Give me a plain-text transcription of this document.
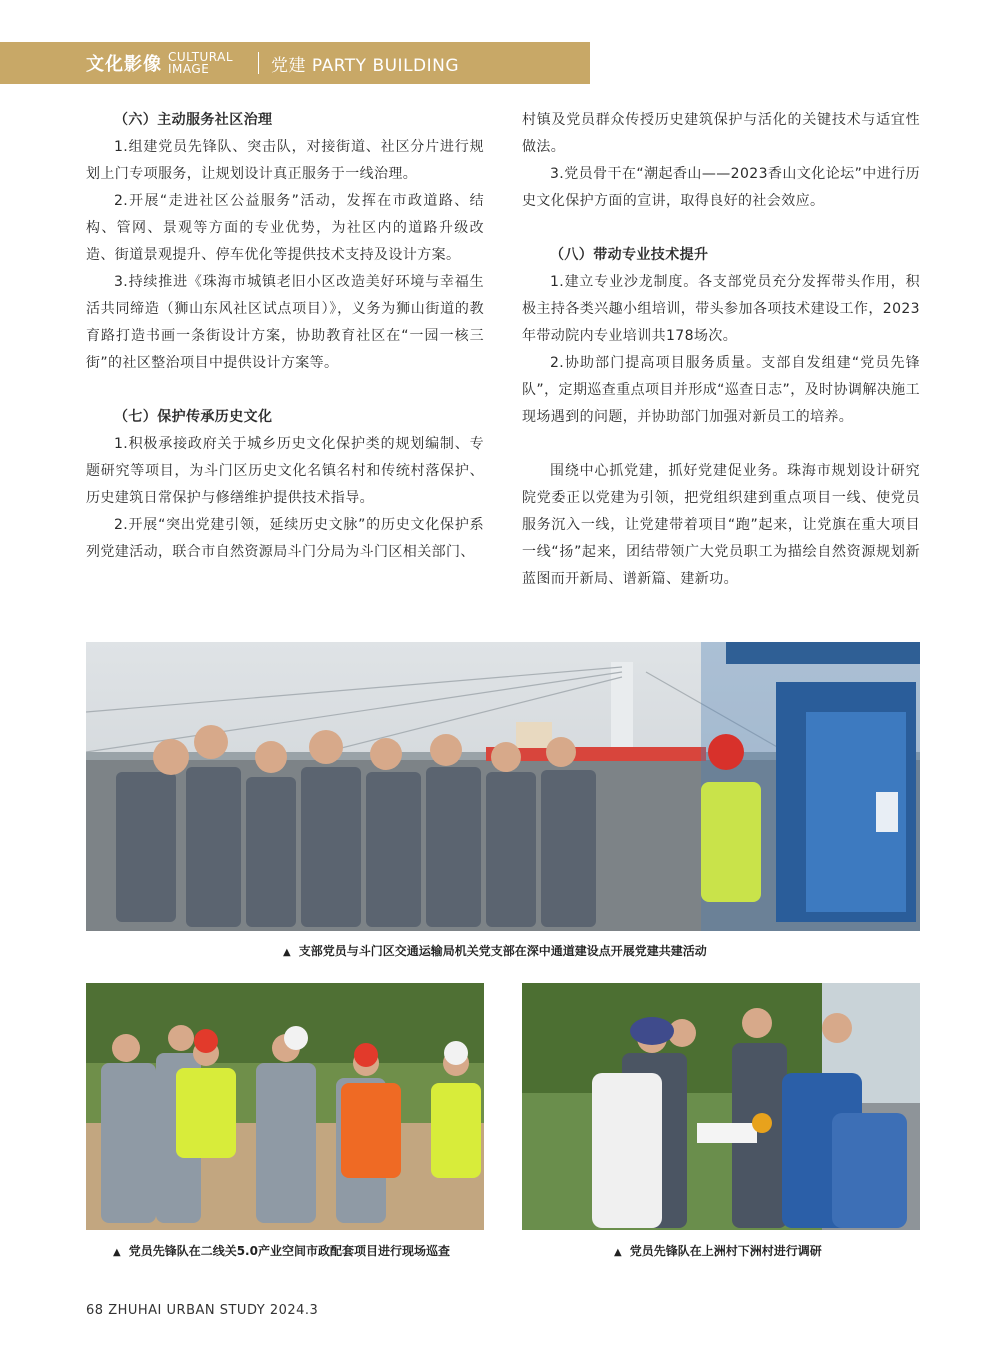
文化影像 CULTURAL
IMAGE	党建 PARTY BUILDING
（六）主动服务社区治理

1.组建党员先锋队、突击队，对接街道、社区分片进行规划上门专项服务，让规划设计真正服务于一线治理。

2.开展“走进社区公益服务”活动，发挥在市政道路、结构、管网、景观等方面的专业优势，为社区内的道路升级改造、街道景观提升、停车优化等提供技术支持及设计方案。

3.持续推进《珠海市城镇老旧小区改造美好环境与幸福生活共同缔造（狮山东风社区试点项目）》，义务为狮山街道的教育路打造书画一条街设计方案，协助教育社区在“一园一核三街”的社区整治项目中提供设计方案等。

（七）保护传承历史文化

1.积极承接政府关于城乡历史文化保护类的规划编制、专题研究等项目，为斗门区历史文化名镇名村和传统村落保护、历史建筑日常保护与修缮维护提供技术指导。

2.开展“突出党建引领，延续历史文脉”的历史文化保护系列党建活动，联合市自然资源局斗门分局为斗门区相关部门、

村镇及党员群众传授历史建筑保护与活化的关键技术与适宜性做法。

3.党员骨干在“潮起香山——2023香山文化论坛”中进行历史文化保护方面的宣讲，取得良好的社会效应。

（八）带动专业技术提升

1.建立专业沙龙制度。各支部党员充分发挥带头作用，积极主持各类兴趣小组培训，带头参加各项技术建设工作，2023年带动院内专业培训共178场次。

2.协助部门提高项目服务质量。支部自发组建“党员先锋队”，定期巡查重点项目并形成“巡查日志”，及时协调解决施工现场遇到的问题，并协助部门加强对新员工的培养。

围绕中心抓党建，抓好党建促业务。珠海市规划设计研究院党委正以党建为引领，把党组织建到重点项目一线、使党员服务沉入一线，让党建带着项目“跑”起来，让党旗在重大项目一线“扬”起来，团结带领广大党员职工为描绘自然资源规划新蓝图而开新局、谱新篇、建新功。

▲ 支部党员与斗门区交通运输局机关党支部在深中通道建设点开展党建共建活动
▲ 党员先锋队在二线关5.0产业空间市政配套项目进行现场巡查	▲ 党员先锋队在上洲村下洲村进行调研
68 ZHUHAI URBAN STUDY 2024.3
